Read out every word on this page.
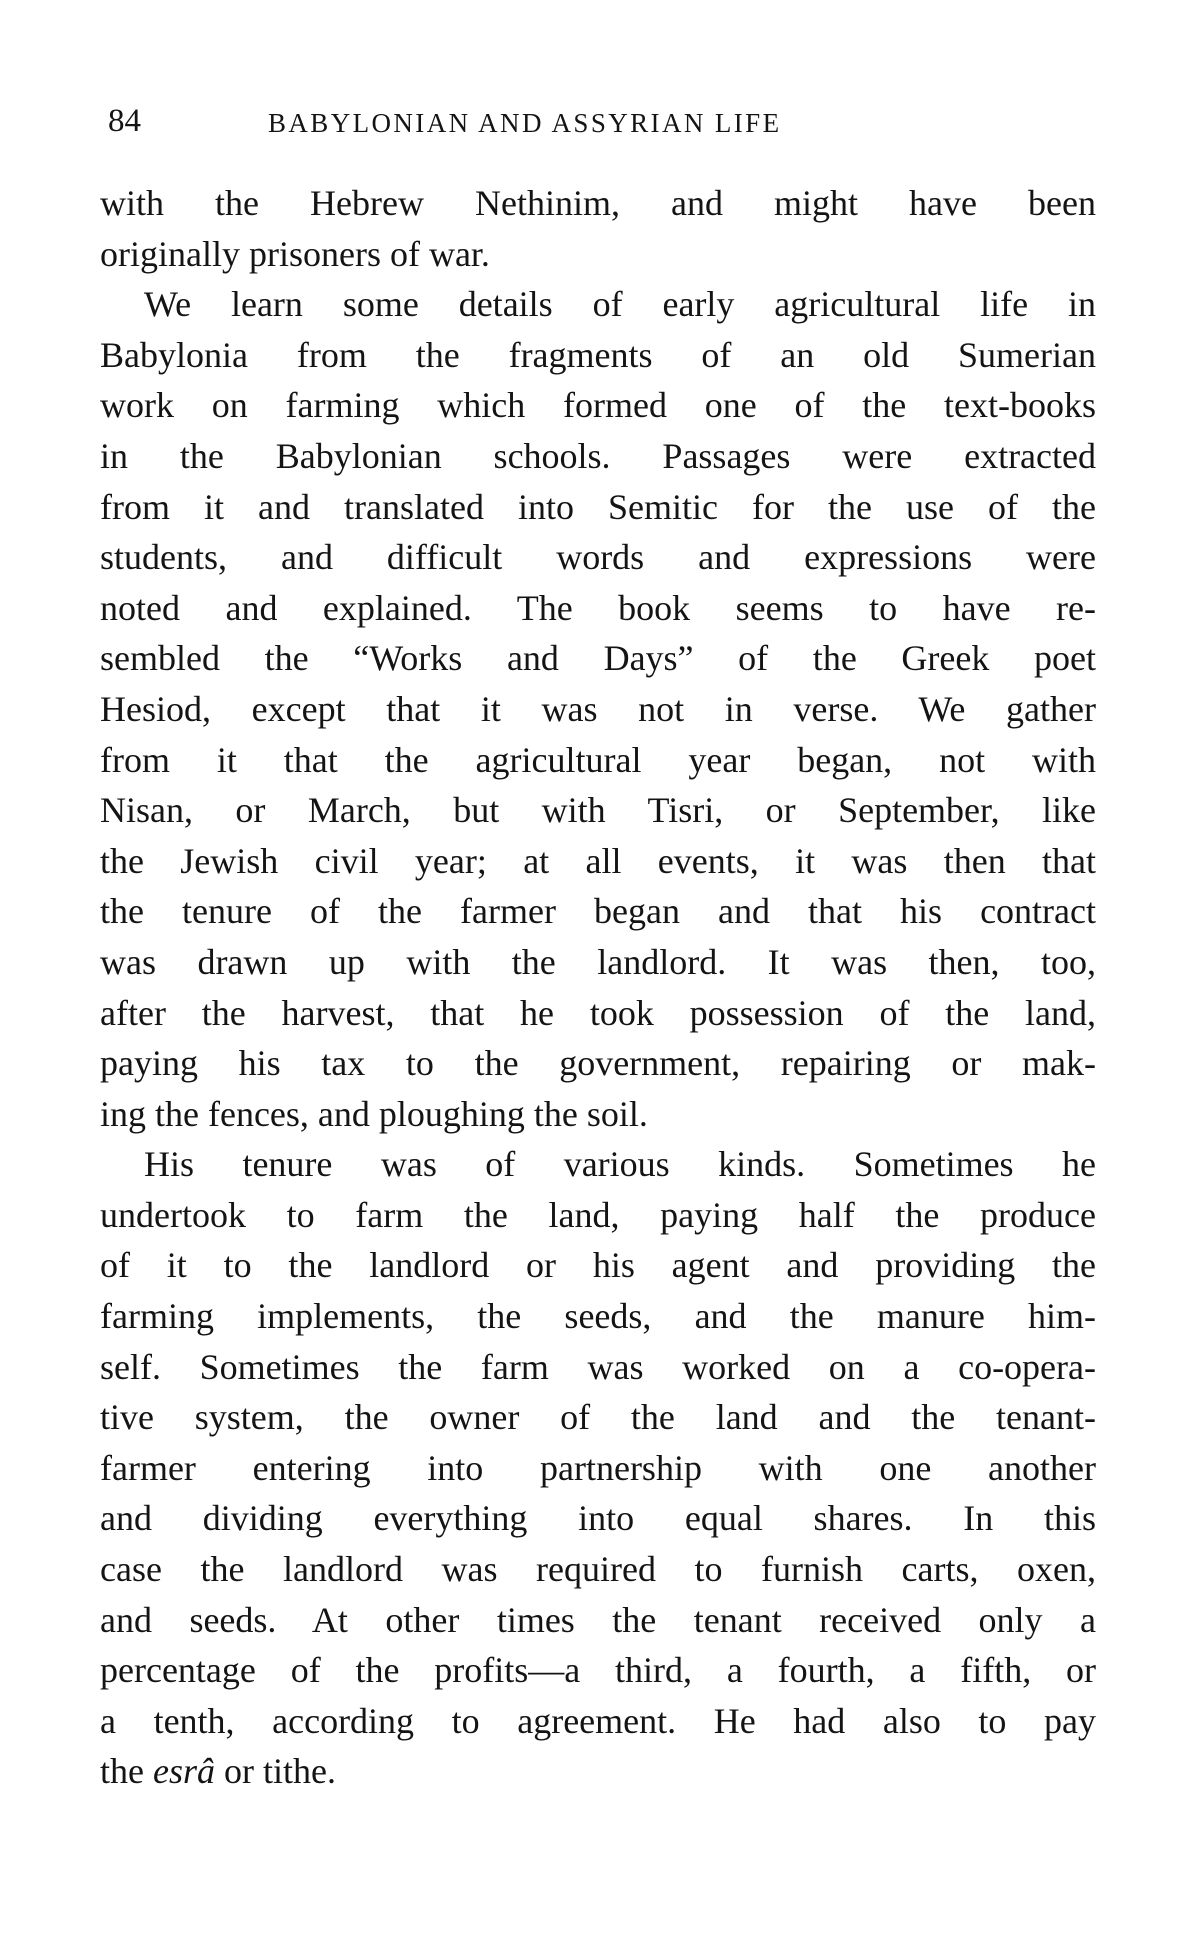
84	BABYLONIAN AND ASSYRIAN LIFE
with the Hebrew Nethinim, and might have been
originally prisoners of war.
We learn some details of early agricultural life in
Babylonia from the fragments of an old Sumerian
work on farming which formed one of the text-books
in the Babylonian schools. Passages were extracted
from it and translated into Semitic for the use of the
students, and difficult words and expressions were
noted and explained. The book seems to have re-
sembled the “Works and Days” of the Greek poet
Hesiod, except that it was not in verse. We gather
from it that the agricultural year began, not with
Nisan, or March, but with Tisri, or September, like
the Jewish civil year; at all events, it was then that
the tenure of the farmer began and that his contract
was drawn up with the landlord. It was then, too,
after the harvest, that he took possession of the land,
paying his tax to the government, repairing or mak-
ing the fences, and ploughing the soil.
His tenure was of various kinds. Sometimes he
undertook to farm the land, paying half the produce
of it to the landlord or his agent and providing the
farming implements, the seeds, and the manure him-
self. Sometimes the farm was worked on a co-opera-
tive system, the owner of the land and the tenant-
farmer entering into partnership with one another
and dividing everything into equal shares. In this
case the landlord was required to furnish carts, oxen,
and seeds. At other times the tenant received only a
percentage of the profits—a third, a fourth, a fifth, or
a tenth, according to agreement. He had also to pay
the esrâ or tithe.
